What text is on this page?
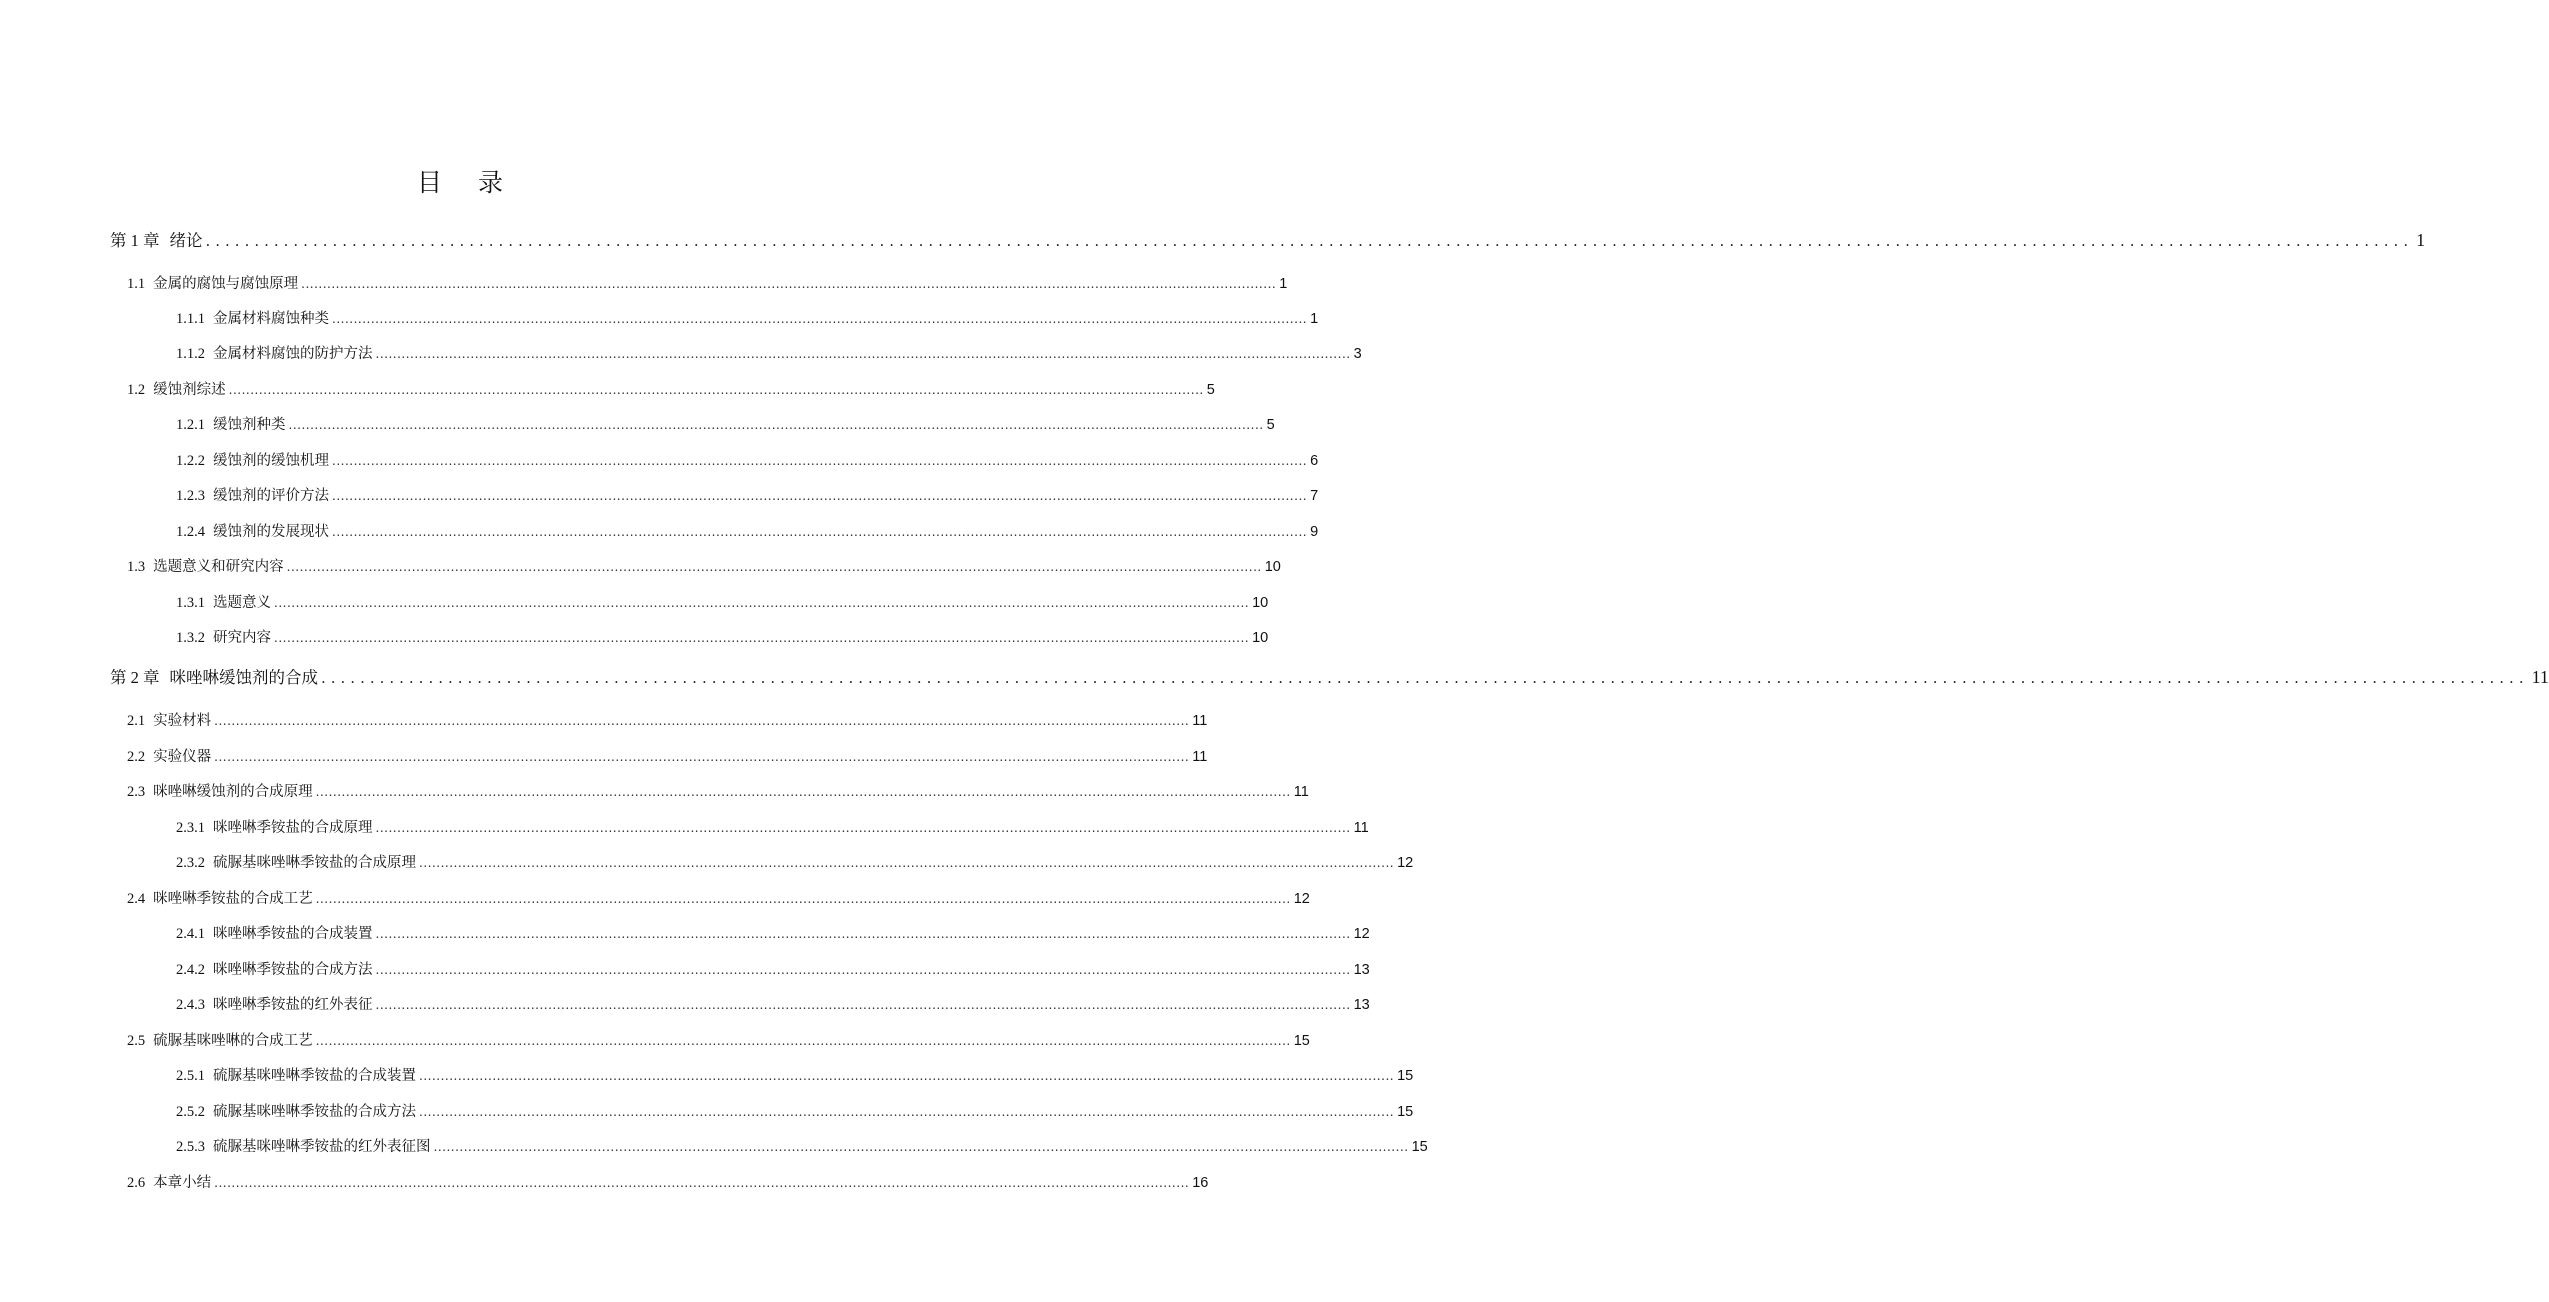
目 录
第 1 章 绪论 .................................................................................................................................................................................................................................. 1
1.1 金属的腐蚀与腐蚀原理 .................................................................................................................................................................................................................................. 1
1.1.1 金属材料腐蚀种类 .................................................................................................................................................................................................................................. 1
1.1.2 金属材料腐蚀的防护方法 .................................................................................................................................................................................................................................. 3
1.2 缓蚀剂综述 .................................................................................................................................................................................................................................. 5
1.2.1 缓蚀剂种类 .................................................................................................................................................................................................................................. 5
1.2.2 缓蚀剂的缓蚀机理 .................................................................................................................................................................................................................................. 6
1.2.3 缓蚀剂的评价方法 .................................................................................................................................................................................................................................. 7
1.2.4 缓蚀剂的发展现状 .................................................................................................................................................................................................................................. 9
1.3 选题意义和研究内容 .................................................................................................................................................................................................................................. 10
1.3.1 选题意义 .................................................................................................................................................................................................................................. 10
1.3.2 研究内容 .................................................................................................................................................................................................................................. 10
第 2 章 咪唑啉缓蚀剂的合成 .................................................................................................................................................................................................................................. 11
2.1 实验材料 .................................................................................................................................................................................................................................. 11
2.2 实验仪器 .................................................................................................................................................................................................................................. 11
2.3 咪唑啉缓蚀剂的合成原理 .................................................................................................................................................................................................................................. 11
2.3.1 咪唑啉季铵盐的合成原理 .................................................................................................................................................................................................................................. 11
2.3.2 硫脲基咪唑啉季铵盐的合成原理 .................................................................................................................................................................................................................................. 12
2.4 咪唑啉季铵盐的合成工艺 .................................................................................................................................................................................................................................. 12
2.4.1 咪唑啉季铵盐的合成装置 .................................................................................................................................................................................................................................. 12
2.4.2 咪唑啉季铵盐的合成方法 .................................................................................................................................................................................................................................. 13
2.4.3 咪唑啉季铵盐的红外表征 .................................................................................................................................................................................................................................. 13
2.5 硫脲基咪唑啉的合成工艺 .................................................................................................................................................................................................................................. 15
2.5.1 硫脲基咪唑啉季铵盐的合成装置 .................................................................................................................................................................................................................................. 15
2.5.2 硫脲基咪唑啉季铵盐的合成方法 .................................................................................................................................................................................................................................. 15
2.5.3 硫脲基咪唑啉季铵盐的红外表征图 .................................................................................................................................................................................................................................. 15
2.6 本章小结 .................................................................................................................................................................................................................................. 16
